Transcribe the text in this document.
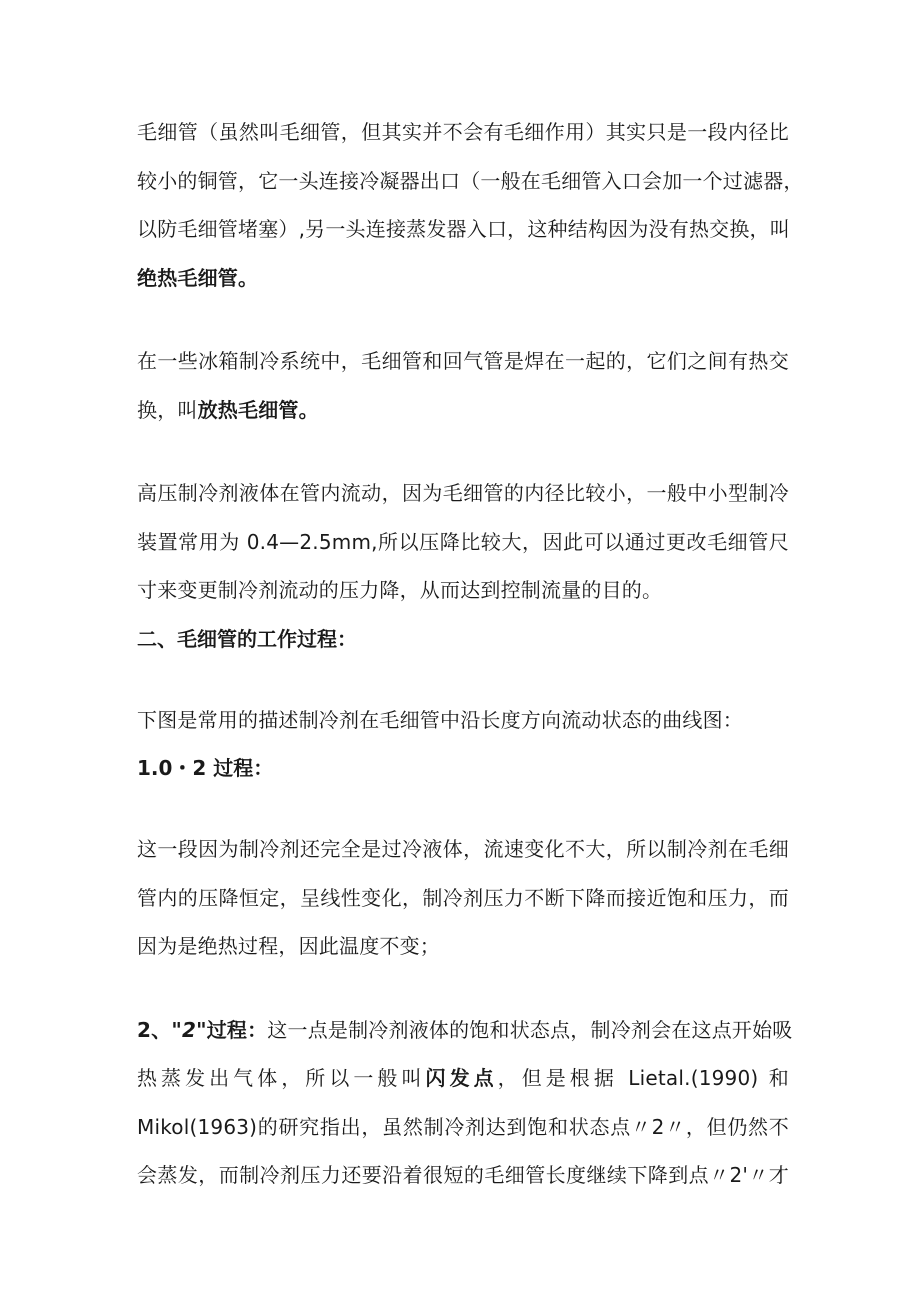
毛细管（虽然叫毛细管，但其实并不会有毛细作用）其实只是一段内径比
较小的铜管，它一头连接冷凝器出口（一般在毛细管入口会加一个过滤器，
以防毛细管堵塞）,另一头连接蒸发器入口，这种结构因为没有热交换，叫
绝热毛细管。

在一些冰箱制冷系统中，毛细管和回气管是焊在一起的，它们之间有热交
换，叫放热毛细管。

高压制冷剂液体在管内流动，因为毛细管的内径比较小，一般中小型制冷
装置常用为 0.4—2.5mm,所以压降比较大，因此可以通过更改毛细管尺
寸来变更制冷剂流动的压力降，从而达到控制流量的目的。

二、毛细管的工作过程：

下图是常用的描述制冷剂在毛细管中沿长度方向流动状态的曲线图：

1.0・2 过程：

这一段因为制冷剂还完全是过冷液体，流速变化不大，所以制冷剂在毛细
管内的压降恒定，呈线性变化，制冷剂压力不断下降而接近饱和压力，而
因为是绝热过程，因此温度不变；

2、"2"过程：这一点是制冷剂液体的饱和状态点，制冷剂会在这点开始吸
热蒸发出气体，所以一般叫闪发点，但是根据 Lietal.(1990) 和
Mikol(1963)的研究指出，虽然制冷剂达到饱和状态点〃2〃，但仍然不
会蒸发，而制冷剂压力还要沿着很短的毛细管长度继续下降到点〃2'〃才
